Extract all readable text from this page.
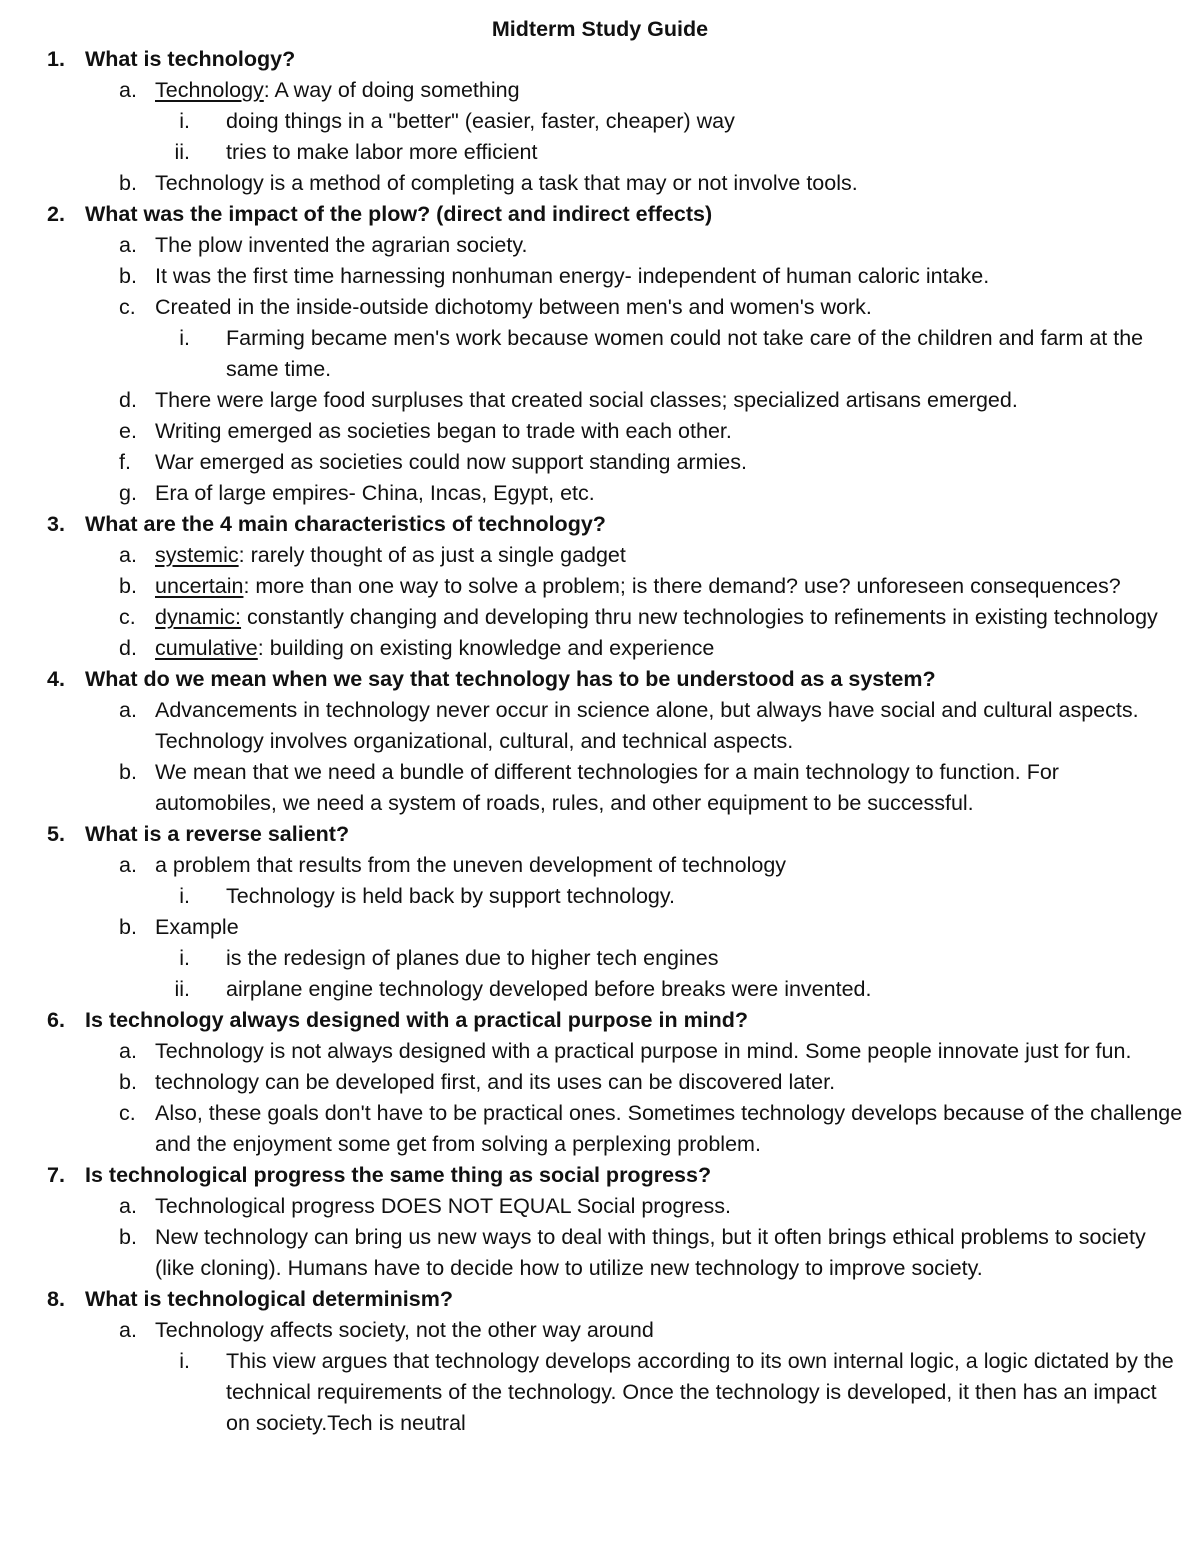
Midterm Study Guide
1. What is technology?
a. Technology: A way of doing something
i. doing things in a "better" (easier, faster, cheaper) way
ii. tries to make labor more efficient
b. Technology is a method of completing a task that may or not involve tools.
2. What was the impact of the plow? (direct and indirect effects)
a. The plow invented the agrarian society.
b. It was the first time harnessing nonhuman energy- independent of human caloric intake.
c. Created in the inside-outside dichotomy between men's and women's work.
i. Farming became men's work because women could not take care of the children and farm at the same time.
d. There were large food surpluses that created social classes; specialized artisans emerged.
e. Writing emerged as societies began to trade with each other.
f. War emerged as societies could now support standing armies.
g. Era of large empires- China, Incas, Egypt, etc.
3. What are the 4 main characteristics of technology?
a. systemic: rarely thought of as just a single gadget
b. uncertain: more than one way to solve a problem; is there demand? use? unforeseen consequences?
c. dynamic: constantly changing and developing thru new technologies to refinements in existing technology
d. cumulative: building on existing knowledge and experience
4. What do we mean when we say that technology has to be understood as a system?
a. Advancements in technology never occur in science alone, but always have social and cultural aspects. Technology involves organizational, cultural, and technical aspects.
b. We mean that we need a bundle of different technologies for a main technology to function. For automobiles, we need a system of roads, rules, and other equipment to be successful.
5. What is a reverse salient?
a. a problem that results from the uneven development of technology
i. Technology is held back by support technology.
b. Example
i. is the redesign of planes due to higher tech engines
ii. airplane engine technology developed before breaks were invented.
6. Is technology always designed with a practical purpose in mind?
a. Technology is not always designed with a practical purpose in mind. Some people innovate just for fun.
b. technology can be developed first, and its uses can be discovered later.
c. Also, these goals don't have to be practical ones. Sometimes technology develops because of the challenge and the enjoyment some get from solving a perplexing problem.
7. Is technological progress the same thing as social progress?
a. Technological progress DOES NOT EQUAL Social progress.
b. New technology can bring us new ways to deal with things, but it often brings ethical problems to society (like cloning). Humans have to decide how to utilize new technology to improve society.
8. What is technological determinism?
a. Technology affects society, not the other way around
i. This view argues that technology develops according to its own internal logic, a logic dictated by the technical requirements of the technology. Once the technology is developed, it then has an impact on society.Tech is neutral
